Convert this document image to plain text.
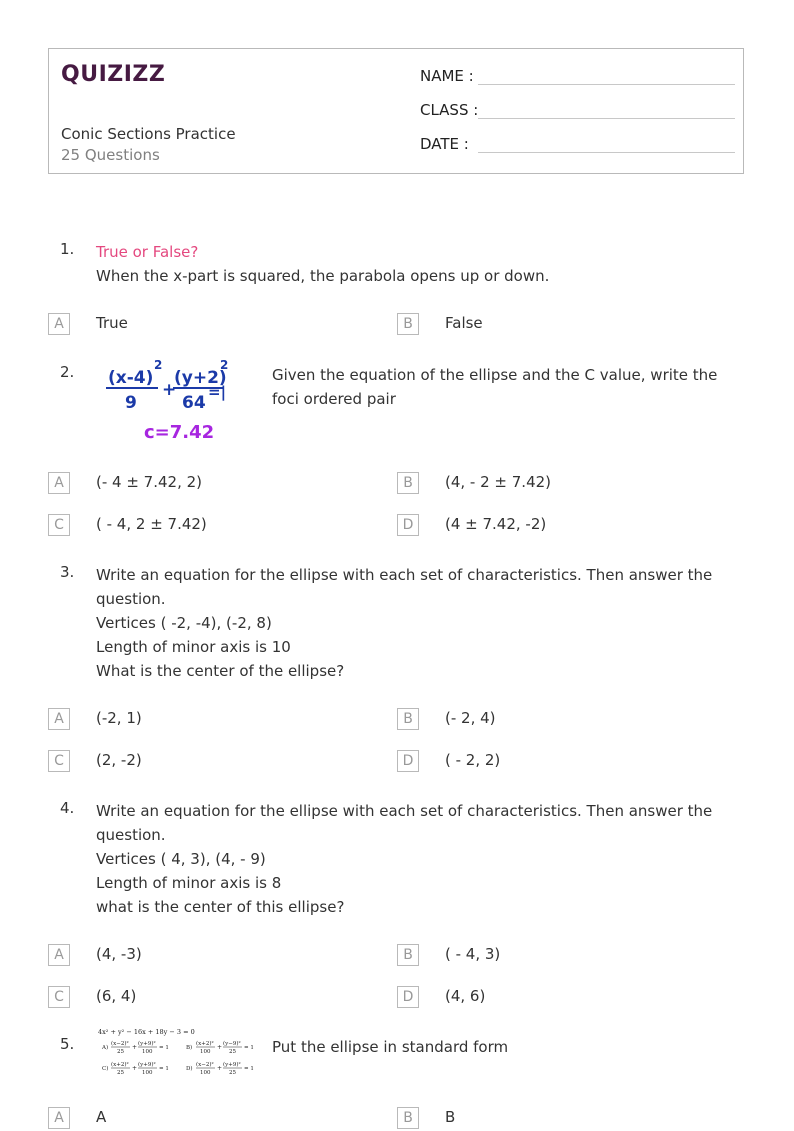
QUIZIZZ
Conic Sections Practice
25 Questions
NAME :
CLASS :
DATE :
1. True or False?
When the x-part is squared, the parabola opens up or down.
A	True	B	False
2. (x-4)
2
9
+
(y+2)
2
64
=|
c=7.42
Given the equation of the ellipse and the C value, write the foci ordered pair
A	(- 4 ± 7.42, 2)	B	(4, - 2 ± 7.42)
C	( - 4, 2 ± 7.42)	D	(4 ± 7.42, -2)
3. Write an equation for the ellipse with each set of characteristics. Then answer the
question.
Vertices ( -2, -4), (-2, 8)
Length of minor axis is 10
What is the center of the ellipse?
A	(-2, 1)	B	(- 2, 4)
C	(2, -2)	D	( - 2, 2)
4. Write an equation for the ellipse with each set of characteristics. Then answer the
question.
Vertices ( 4, 3), (4, - 9)
Length of minor axis is 8
what is the center of this ellipse?
A	(4, -3)	B	( - 4, 3)
C	(6, 4)	D	(4, 6)
5.
4x² + y² − 16x + 18y − 3 = 0
A)
(x−2)²
25
+ (y+9)²
100
= 1	B)
(x+2)²
100
+ (y−9)²
25
= 1
C)
(x+2)²
25
+ (y+9)²
100
= 1	D)
(x−2)²
100
+ (y+9)²
25
= 1
Put the ellipse in standard form
A	A	B	B
